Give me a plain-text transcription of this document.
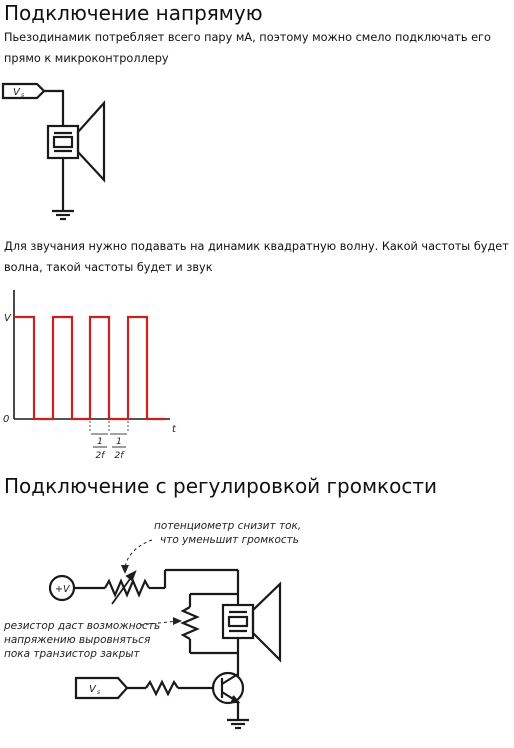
Подключение напрямую

Пьезодинамик потребляет всего пару мА, поэтому можно смело подключать его прямо к микроконтроллеру

V s

Для звучания нужно подавать на динамик квадратную волну. Какой частоты будет волна, такой частоты будет и звук

V
0
t
1
2f
1
2f
Подключение с регулировкой громкости
+V
V s
потенциометр снизит ток,
что уменьшит громкость
резистор даст возможность
напряжению выровняться
пока транзистор закрыт
